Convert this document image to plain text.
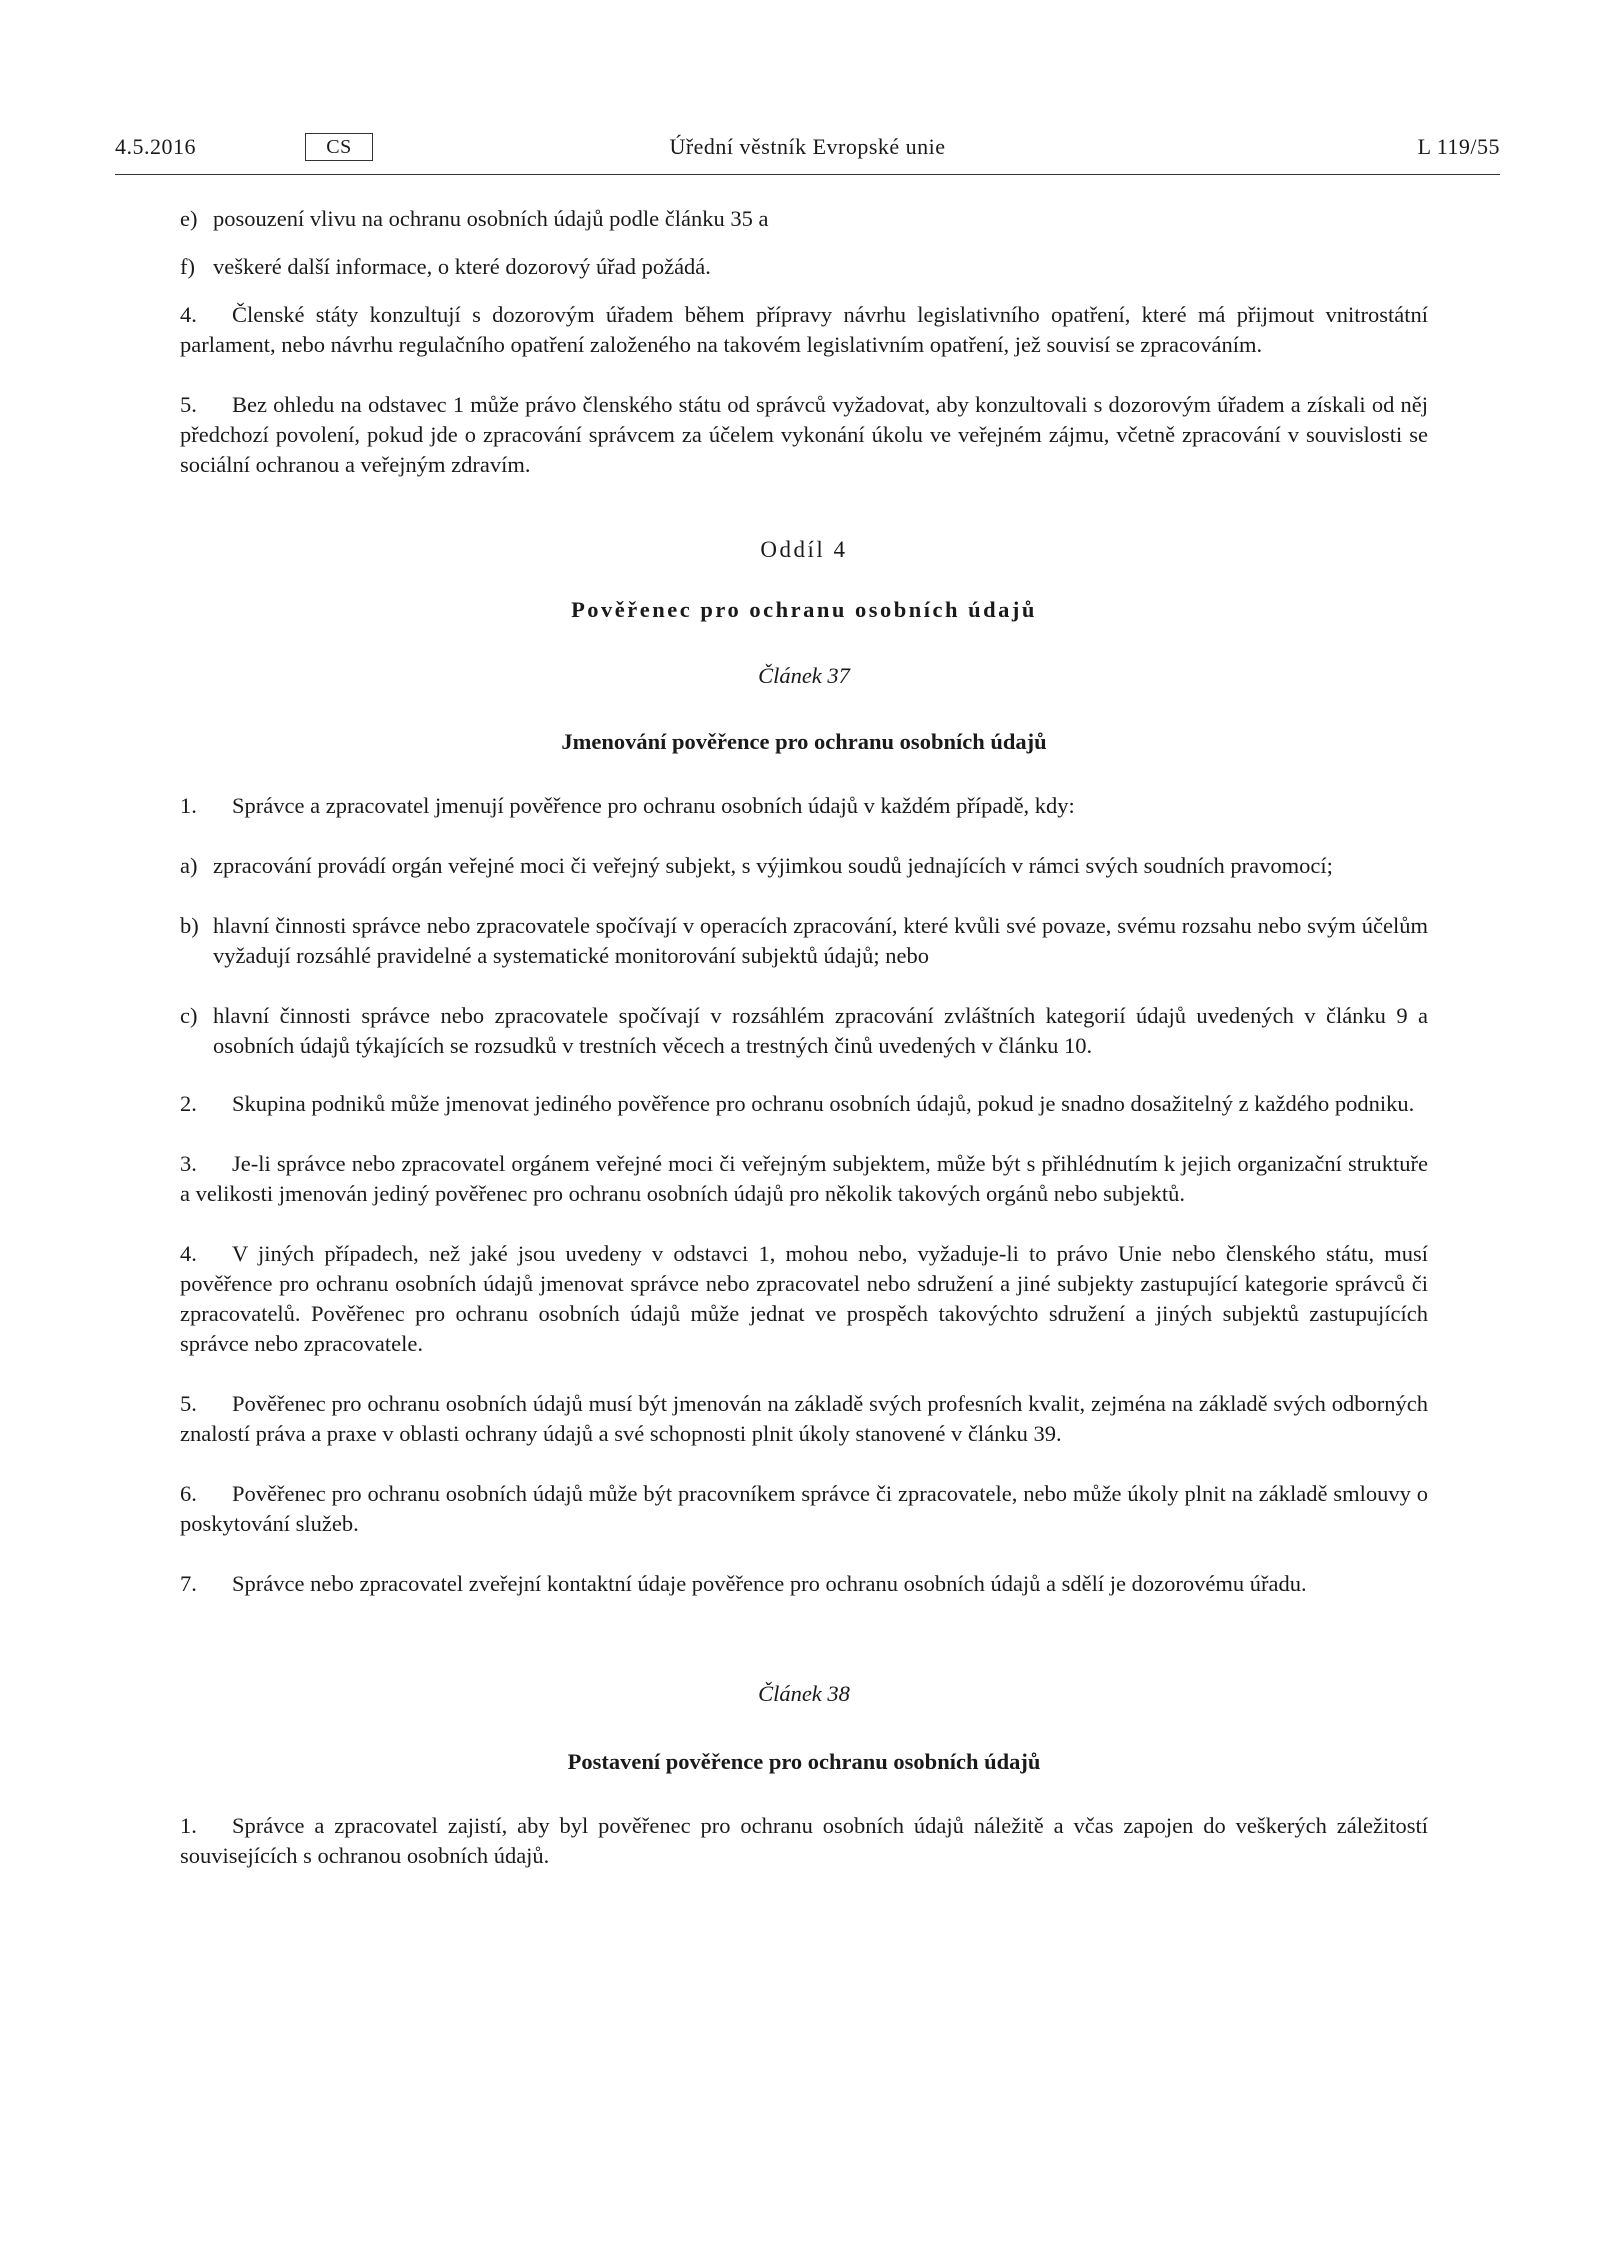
4.5.2016	CS	Úřední věstník Evropské unie	L 119/55

e) posouzení vlivu na ochranu osobních údajů podle článku 35 a

f) veškeré další informace, o které dozorový úřad požádá.

4. Členské státy konzultují s dozorovým úřadem během přípravy návrhu legislativního opatření, které má přijmout vnitrostátní parlament, nebo návrhu regulačního opatření založeného na takovém legislativním opatření, jež souvisí se zpracováním.

5. Bez ohledu na odstavec 1 může právo členského státu od správců vyžadovat, aby konzultovali s dozorovým úřadem a získali od něj předchozí povolení, pokud jde o zpracování správcem za účelem vykonání úkolu ve veřejném zájmu, včetně zpracování v souvislosti se sociální ochranou a veřejným zdravím.

Oddíl 4

Pověřenec pro ochranu osobních údajů

Článek 37

Jmenování pověřence pro ochranu osobních údajů

1. Správce a zpracovatel jmenují pověřence pro ochranu osobních údajů v každém případě, kdy:

a) zpracování provádí orgán veřejné moci či veřejný subjekt, s výjimkou soudů jednajících v rámci svých soudních pravomocí;

b) hlavní činnosti správce nebo zpracovatele spočívají v operacích zpracování, které kvůli své povaze, svému rozsahu nebo svým účelům vyžadují rozsáhlé pravidelné a systematické monitorování subjektů údajů; nebo

c) hlavní činnosti správce nebo zpracovatele spočívají v rozsáhlém zpracování zvláštních kategorií údajů uvedených v článku 9 a osobních údajů týkajících se rozsudků v trestních věcech a trestných činů uvedených v článku 10.

2. Skupina podniků může jmenovat jediného pověřence pro ochranu osobních údajů, pokud je snadno dosažitelný z každého podniku.

3. Je-li správce nebo zpracovatel orgánem veřejné moci či veřejným subjektem, může být s přihlédnutím k jejich organizační struktuře a velikosti jmenován jediný pověřenec pro ochranu osobních údajů pro několik takových orgánů nebo subjektů.

4. V jiných případech, než jaké jsou uvedeny v odstavci 1, mohou nebo, vyžaduje-li to právo Unie nebo členského státu, musí pověřence pro ochranu osobních údajů jmenovat správce nebo zpracovatel nebo sdružení a jiné subjekty zastupující kategorie správců či zpracovatelů. Pověřenec pro ochranu osobních údajů může jednat ve prospěch takovýchto sdružení a jiných subjektů zastupujících správce nebo zpracovatele.

5. Pověřenec pro ochranu osobních údajů musí být jmenován na základě svých profesních kvalit, zejména na základě svých odborných znalostí práva a praxe v oblasti ochrany údajů a své schopnosti plnit úkoly stanovené v článku 39.

6. Pověřenec pro ochranu osobních údajů může být pracovníkem správce či zpracovatele, nebo může úkoly plnit na základě smlouvy o poskytování služeb.

7. Správce nebo zpracovatel zveřejní kontaktní údaje pověřence pro ochranu osobních údajů a sdělí je dozorovému úřadu.

Článek 38

Postavení pověřence pro ochranu osobních údajů

1. Správce a zpracovatel zajistí, aby byl pověřenec pro ochranu osobních údajů náležitě a včas zapojen do veškerých záležitostí souvisejících s ochranou osobních údajů.
